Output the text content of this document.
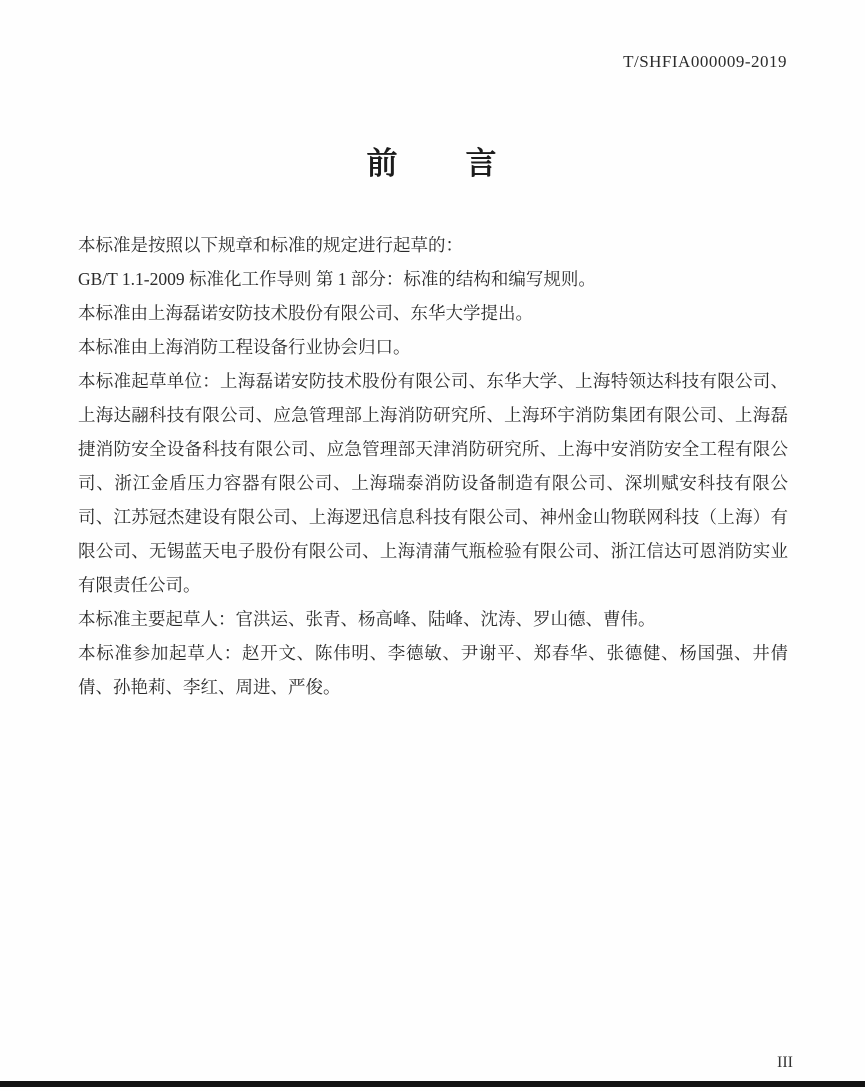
T/SHFIA000009-2019
前　　言

本标准是按照以下规章和标准的规定进行起草的：

GB/T 1.1-2009 标准化工作导则 第 1 部分：标准的结构和编写规则。

本标准由上海磊诺安防技术股份有限公司、东华大学提出。

本标准由上海消防工程设备行业协会归口。

本标准起草单位：上海磊诺安防技术股份有限公司、东华大学、上海特领达科技有限公司、上海达翮科技有限公司、应急管理部上海消防研究所、上海环宇消防集团有限公司、上海磊捷消防安全设备科技有限公司、应急管理部天津消防研究所、上海中安消防安全工程有限公司、浙江金盾压力容器有限公司、上海瑞泰消防设备制造有限公司、深圳赋安科技有限公司、江苏冠杰建设有限公司、上海逻迅信息科技有限公司、神州金山物联网科技（上海）有限公司、无锡蓝天电子股份有限公司、上海清蒲气瓶检验有限公司、浙江信达可恩消防实业有限责任公司。

本标准主要起草人：官洪运、张青、杨高峰、陆峰、沈涛、罗山德、曹伟。

本标准参加起草人：赵开文、陈伟明、李德敏、尹谢平、郑春华、张德健、杨国强、井倩倩、孙艳莉、李红、周进、严俊。

III
